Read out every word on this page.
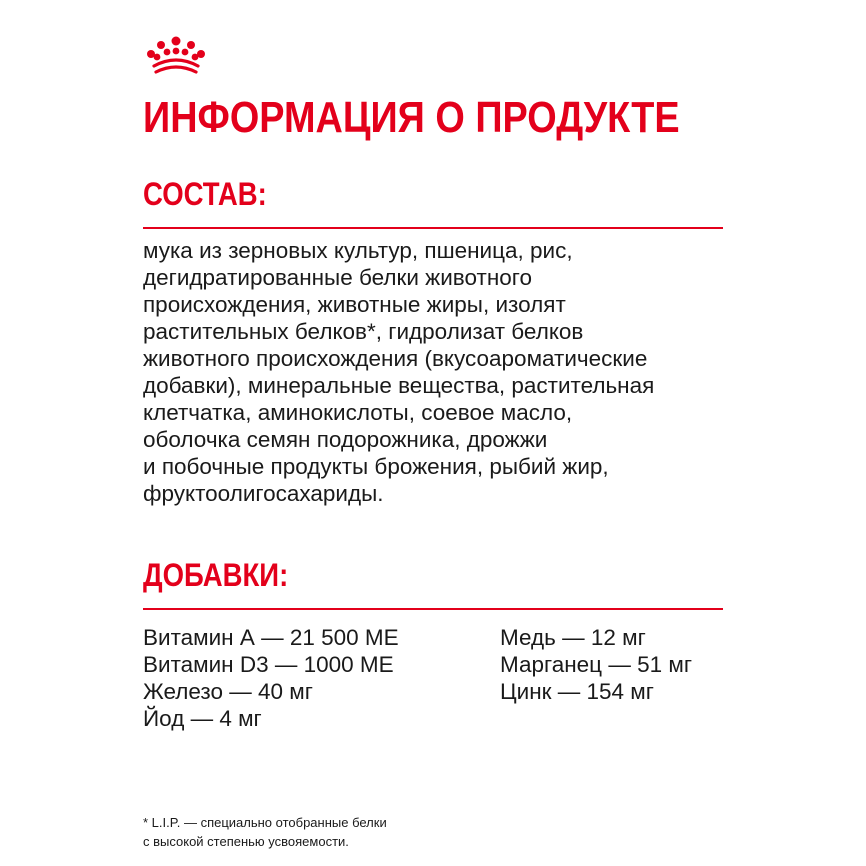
ИНФОРМАЦИЯ О ПРОДУКТЕ
СОСТАВ:

мука из зерновых культур, пшеница, рис,
дегидратированные белки животного
происхождения, животные жиры, изолят
растительных белков*, гидролизат белков
животного происхождения (вкусоароматические
добавки), минеральные вещества, растительная
клетчатка, аминокислоты, соевое масло,
оболочка семян подорожника, дрожжи
и побочные продукты брожения, рыбий жир,
фруктоолигосахариды.

ДОБАВКИ:
Витамин А — 21 500 МЕ
Витамин D3 — 1000 МЕ
Железо — 40 мг
Йод — 4 мг
Медь — 12 мг
Марганец — 51 мг
Цинк — 154 мг

* L.I.P. — специально отобранные белки
с высокой степенью усвояемости.
